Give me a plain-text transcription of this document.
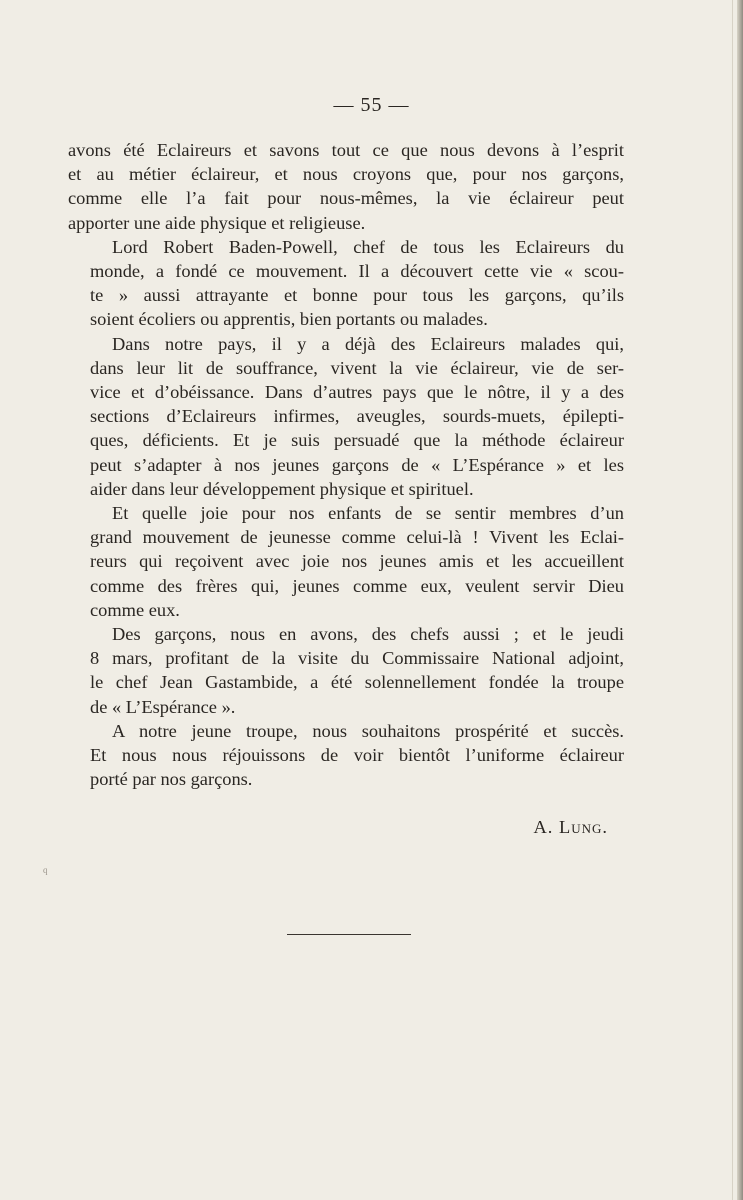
— 55 —

avons été Eclaireurs et savons tout ce que nous devons à l’esprit
et au métier éclaireur, et nous croyons que, pour nos garçons,
comme elle l’a fait pour nous-mêmes, la vie éclaireur peut
apporter une aide physique et religieuse.

Lord Robert Baden-Powell, chef de tous les Eclaireurs du
monde, a fondé ce mouvement. Il a découvert cette vie « scou-
te » aussi attrayante et bonne pour tous les garçons, qu’ils
soient écoliers ou apprentis, bien portants ou malades.

Dans notre pays, il y a déjà des Eclaireurs malades qui,
dans leur lit de souffrance, vivent la vie éclaireur, vie de ser-
vice et d’obéissance. Dans d’autres pays que le nôtre, il y a des
sections d’Eclaireurs infirmes, aveugles, sourds-muets, épilepti-
ques, déficients. Et je suis persuadé que la méthode éclaireur
peut s’adapter à nos jeunes garçons de « L’Espérance » et les
aider dans leur développement physique et spirituel.

Et quelle joie pour nos enfants de se sentir membres d’un
grand mouvement de jeunesse comme celui-là ! Vivent les Eclai-
reurs qui reçoivent avec joie nos jeunes amis et les accueillent
comme des frères qui, jeunes comme eux, veulent servir Dieu
comme eux.

Des garçons, nous en avons, des chefs aussi ; et le jeudi
8 mars, profitant de la visite du Commissaire National adjoint,
le chef Jean Gastambide, a été solennellement fondée la troupe
de « L’Espérance ».

A notre jeune troupe, nous souhaitons prospérité et succès.
Et nous nous réjouissons de voir bientôt l’uniforme éclaireur
porté par nos garçons.

A. Lung.
q
